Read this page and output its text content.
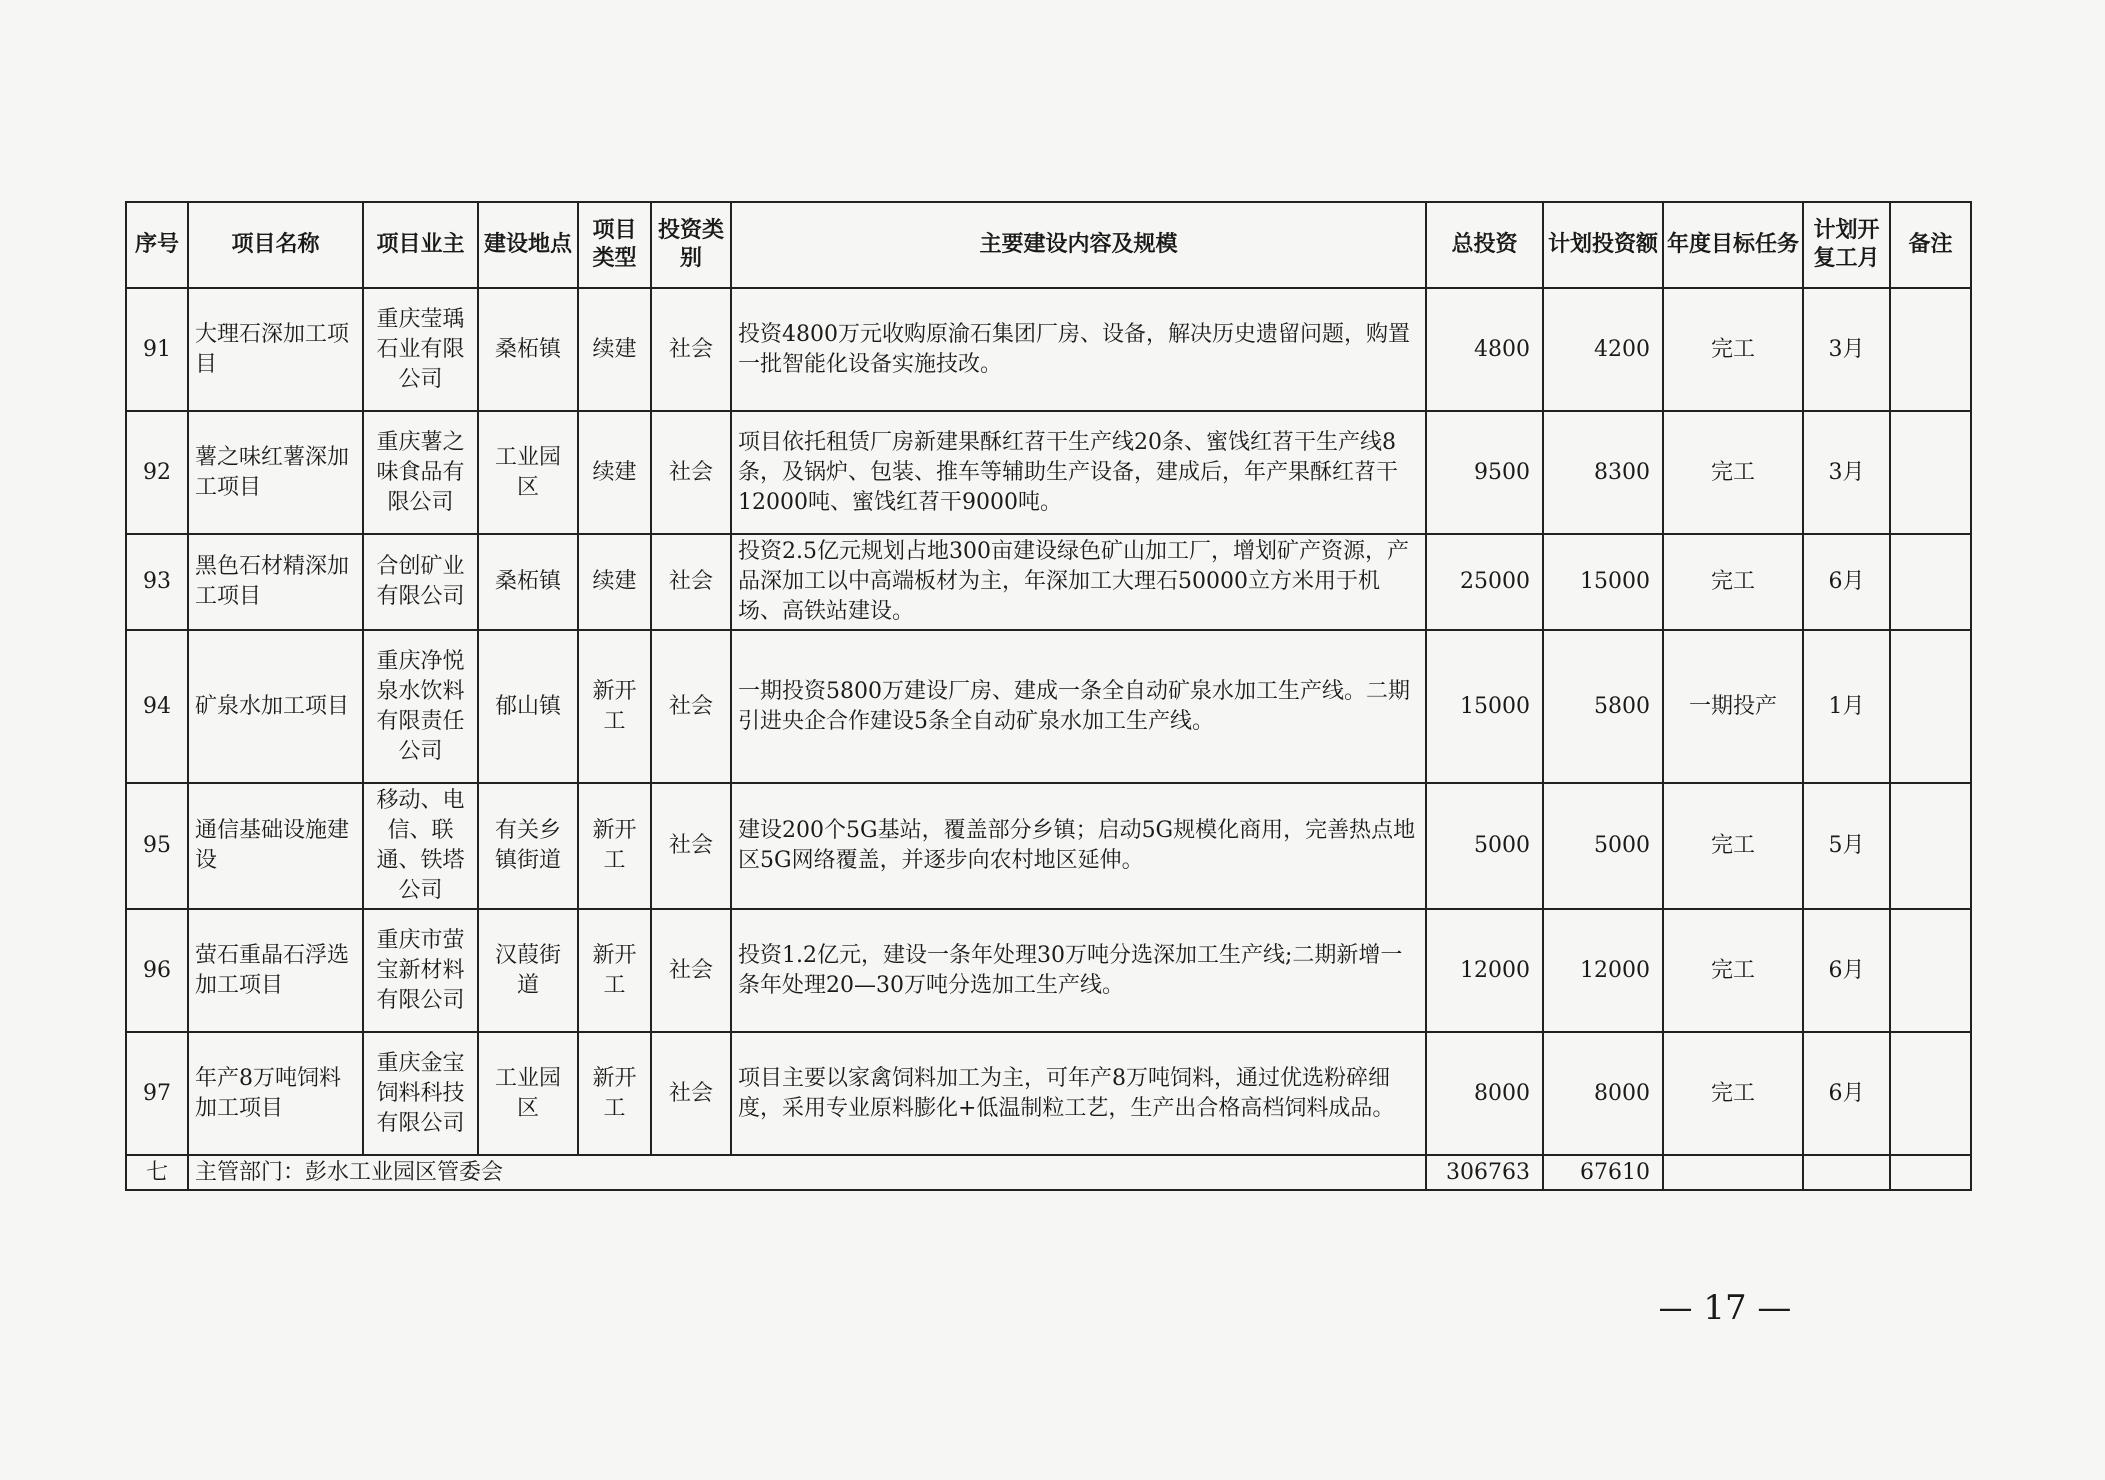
序号	项目名称	项目业主	建设地点	项目类型	投资类别	主要建设内容及规模	总投资	计划投资额	年度目标任务	计划开复工月	备注
91	大理石深加工项目	重庆莹瑀石业有限公司	桑柘镇	续建	社会	投资4800万元收购原渝石集团厂房、设备，解决历史遗留问题，购置一批智能化设备实施技改。	4800	4200	完工	3月	
92	薯之味红薯深加工项目	重庆薯之味食品有限公司	工业园区	续建	社会	项目依托租赁厂房新建果酥红苕干生产线20条、蜜饯红苕干生产线8条，及锅炉、包装、推车等辅助生产设备，建成后，年产果酥红苕干12000吨、蜜饯红苕干9000吨。	9500	8300	完工	3月	
93	黑色石材精深加工项目	合创矿业有限公司	桑柘镇	续建	社会	投资2.5亿元规划占地300亩建设绿色矿山加工厂，增划矿产资源，产品深加工以中高端板材为主，年深加工大理石50000立方米用于机场、高铁站建设。	25000	15000	完工	6月	
94	矿泉水加工项目	重庆净悦泉水饮料有限责任公司	郁山镇	新开工	社会	一期投资5800万建设厂房、建成一条全自动矿泉水加工生产线。二期引进央企合作建设5条全自动矿泉水加工生产线。	15000	5800	一期投产	1月	
95	通信基础设施建设	移动、电信、联通、铁塔公司	有关乡镇街道	新开工	社会	建设200个5G基站，覆盖部分乡镇；启动5G规模化商用，完善热点地区5G网络覆盖，并逐步向农村地区延伸。	5000	5000	完工	5月	
96	萤石重晶石浮选加工项目	重庆市萤宝新材料有限公司	汉葭街道	新开工	社会	投资1.2亿元，建设一条年处理30万吨分选深加工生产线;二期新增一条年处理20—30万吨分选加工生产线。	12000	12000	完工	6月	
97	年产8万吨饲料加工项目	重庆金宝饲料科技有限公司	工业园区	新开工	社会	项目主要以家禽饲料加工为主，可年产8万吨饲料，通过优选粉碎细度，采用专业原料膨化+低温制粒工艺，生产出合格高档饲料成品。	8000	8000	完工	6月	
七	主管部门：彭水工业园区管委会						306763	67610			
— 17 —
